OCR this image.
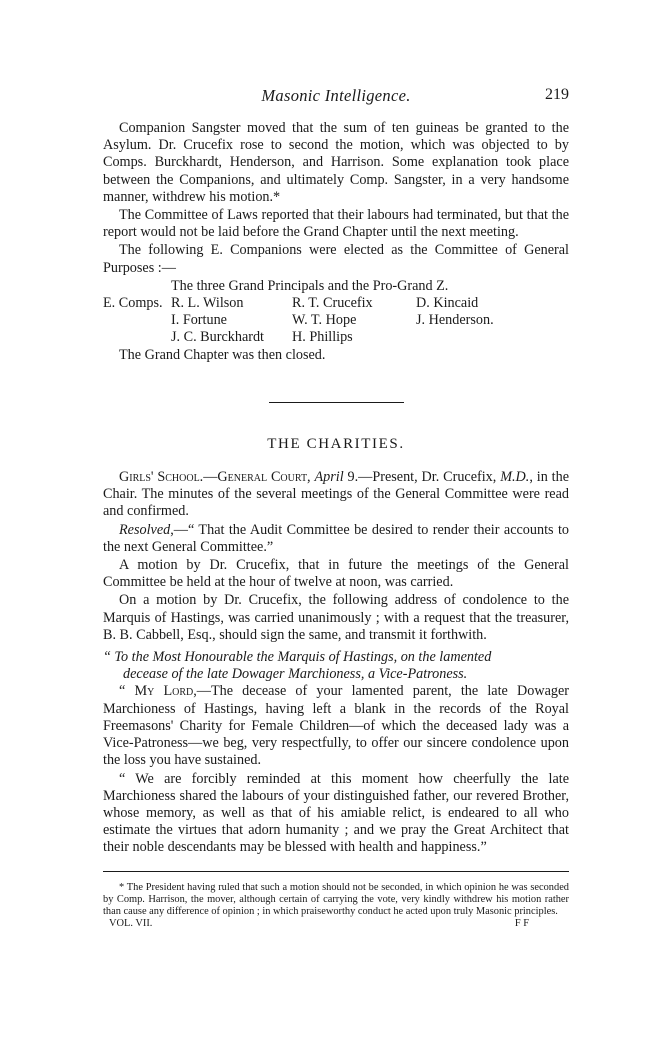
Masonic Intelligence.	219

Companion Sangster moved that the sum of ten guineas be granted to the Asylum. Dr. Crucefix rose to second the motion, which was objected to by Comps. Burckhardt, Henderson, and Harrison. Some explanation took place between the Companions, and ultimately Comp. Sangster, in a very handsome manner, withdrew his motion.*

The Committee of Laws reported that their labours had terminated, but that the report would not be laid before the Grand Chapter until the next meeting.

The following E. Companions were elected as the Committee of General Purposes :—

The three Grand Principals and the Pro-Grand Z.

E. Comps.	R. L. Wilson	R. T. Crucefix	D. Kincaid
	I. Fortune	W. T. Hope	J. Henderson.
	J. C. Burckhardt	H. Phillips	

The Grand Chapter was then closed.

THE CHARITIES.

Girls' School.—General Court, April 9.—Present, Dr. Crucefix, M.D., in the Chair. The minutes of the several meetings of the General Committee were read and confirmed.

Resolved,—“ That the Audit Committee be desired to render their accounts to the next General Committee.”

A motion by Dr. Crucefix, that in future the meetings of the General Committee be held at the hour of twelve at noon, was carried.

On a motion by Dr. Crucefix, the following address of condolence to the Marquis of Hastings, was carried unanimously ; with a request that the treasurer, B. B. Cabbell, Esq., should sign the same, and transmit it forthwith.

“ To the Most Honourable the Marquis of Hastings, on the lamented
decease of the late Dowager Marchioness, a Vice-Patroness.

“ My Lord,—The decease of your lamented parent, the late Dowager Marchioness of Hastings, having left a blank in the records of the Royal Freemasons' Charity for Female Children—of which the deceased lady was a Vice-Patroness—we beg, very respectfully, to offer our sincere condolence upon the loss you have sustained.

“ We are forcibly reminded at this moment how cheerfully the late Marchioness shared the labours of your distinguished father, our revered Brother, whose memory, as well as that of his amiable relict, is endeared to all who estimate the virtues that adorn humanity ; and we pray the Great Architect that their noble descendants may be blessed with health and happiness.”

* The President having ruled that such a motion should not be seconded, in which opinion he was seconded by Comp. Harrison, the mover, although certain of carrying the vote, very kindly withdrew his motion rather than cause any difference of opinion ; in which praiseworthy conduct he acted upon truly Masonic principles.

VOL. VII.	F F
